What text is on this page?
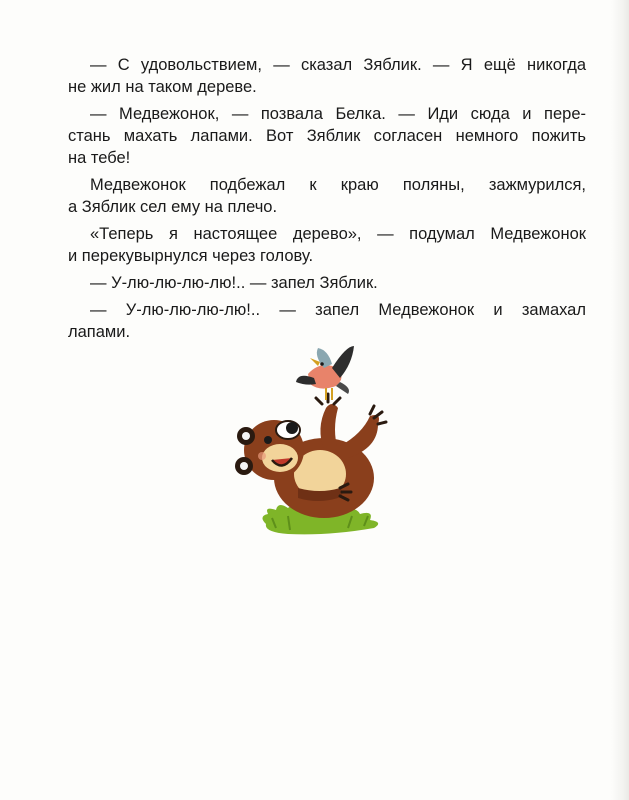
— С удовольствием, — сказал Зяблик. — Я ещё никогда
не жил на таком дереве.

— Медвежонок, — позвала Белка. — Иди сюда и пере-
стань махать лапами. Вот Зяблик согласен немного пожить
на тебе!

Медвежонок подбежал к краю поляны, зажмурился,
а Зяблик сел ему на плечо.

«Теперь я настоящее дерево», — подумал Медвежонок
и перекувырнулся через голову.

— У-лю-лю-лю-лю!.. — запел Зяблик.

— У-лю-лю-лю-лю!.. — запел Медвежонок и замахал
лапами.
